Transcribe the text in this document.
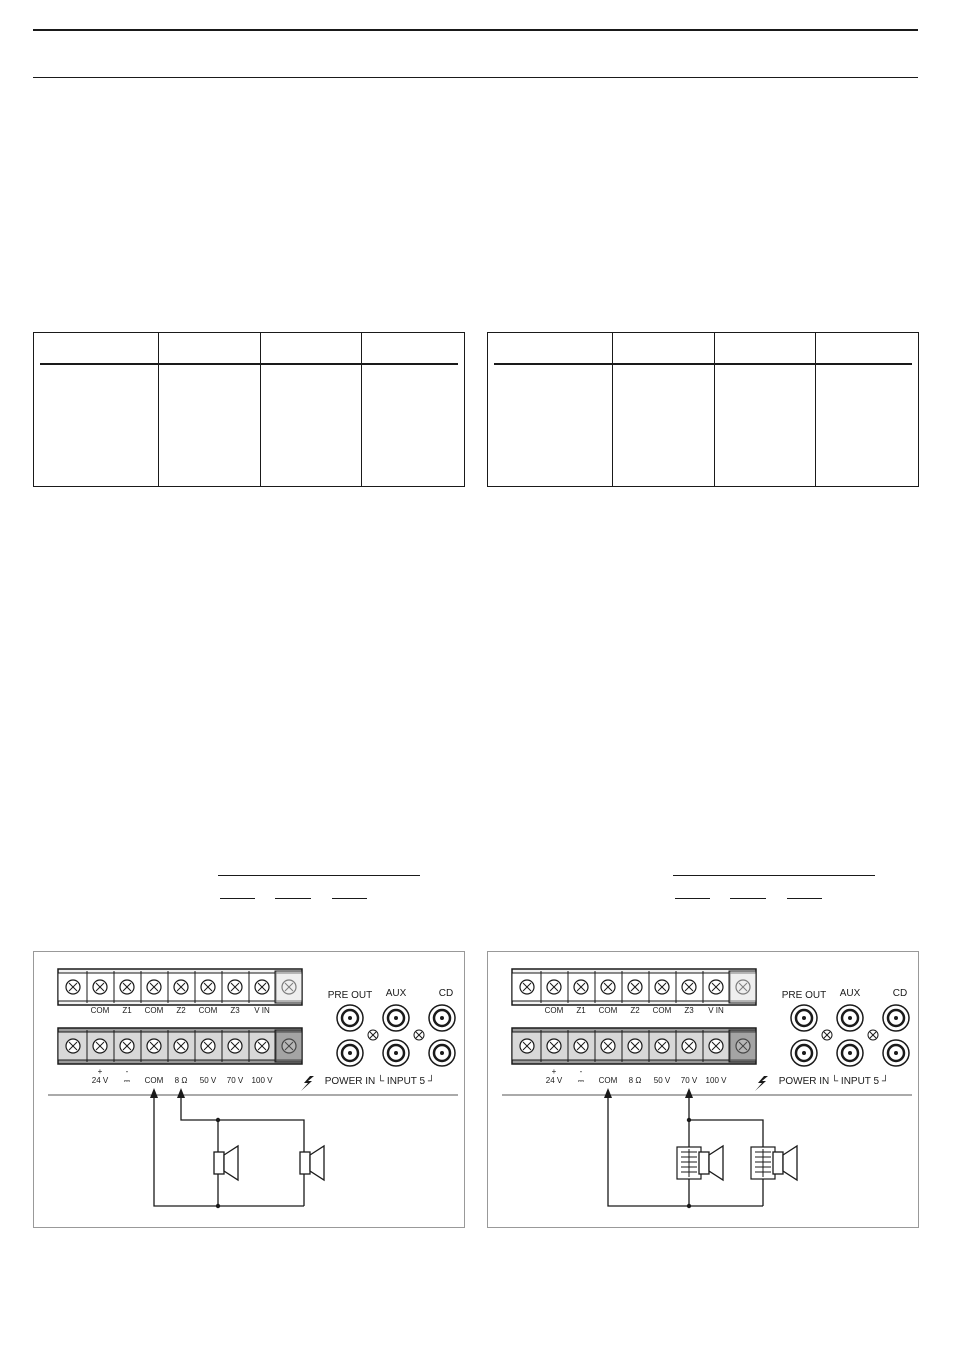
COM Z1 COM Z2 COM Z3 V IN
24 V ⎓ COM 8 Ω 50 V 70 V 100 V
+	-
PRE OUT AUX	CD
POWER IN └ INPUT 5 ┘
COM Z1 COM Z2 COM Z3 V IN
24 V ⎓ COM 8 Ω 50 V 70 V 100 V
+	-
PRE OUT AUX	CD
POWER IN └ INPUT 5 ┘
